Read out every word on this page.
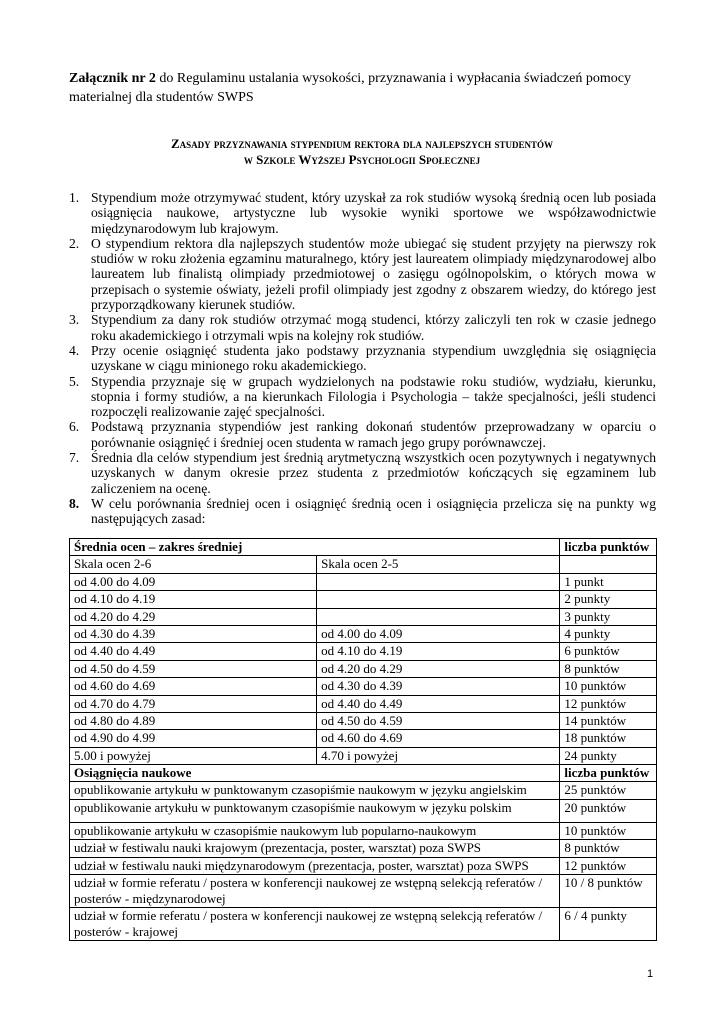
Załącznik nr 2 do Regulaminu ustalania wysokości, przyznawania i wypłacania świadczeń pomocy materialnej dla studentów SWPS
Zasady przyznawania stypendium rektora dla najlepszych studentów
w Szkole Wyższej Psychologii Społecznej
1. Stypendium może otrzymywać student, który uzyskał za rok studiów wysoką średnią ocen lub posiada osiągnięcia naukowe, artystyczne lub wysokie wyniki sportowe we współzawodnictwie międzynarodowym lub krajowym.
2. O stypendium rektora dla najlepszych studentów może ubiegać się student przyjęty na pierwszy rok studiów w roku złożenia egzaminu maturalnego, który jest laureatem olimpiady międzynarodowej albo laureatem lub finalistą olimpiady przedmiotowej o zasięgu ogólnopolskim, o których mowa w przepisach o systemie oświaty, jeżeli profil olimpiady jest zgodny z obszarem wiedzy, do którego jest przyporządkowany kierunek studiów.
3. Stypendium za dany rok studiów otrzymać mogą studenci, którzy zaliczyli ten rok w czasie jednego roku akademickiego i otrzymali wpis na kolejny rok studiów.
4. Przy ocenie osiągnięć studenta jako podstawy przyznania stypendium uwzględnia się osiągnięcia uzyskane w ciągu minionego roku akademickiego.
5. Stypendia przyznaje się w grupach wydzielonych na podstawie roku studiów, wydziału, kierunku, stopnia i formy studiów, a na kierunkach Filologia i Psychologia – także specjalności, jeśli studenci rozpoczęli realizowanie zajęć specjalności.
6. Podstawą przyznania stypendiów jest ranking dokonań studentów przeprowadzany w oparciu o porównanie osiągnięć i średniej ocen studenta w ramach jego grupy porównawczej.
7. Średnia dla celów stypendium jest średnią arytmetyczną wszystkich ocen pozytywnych i negatywnych uzyskanych w danym okresie przez studenta z przedmiotów kończących się egzaminem lub zaliczeniem na ocenę.
8. W celu porównania średniej ocen i osiągnięć średnią ocen i osiągnięcia przelicza się na punkty wg następujących zasad:
Średnia ocen – zakres średniej		liczba punktów
Skala ocen 2-6	Skala ocen 2-5	
od 4.00 do 4.09		1 punkt
od 4.10 do 4.19		2 punkty
od 4.20 do 4.29		3 punkty
od 4.30 do 4.39	od 4.00 do 4.09	4 punkty
od 4.40 do 4.49	od 4.10 do 4.19	6 punktów
od 4.50 do 4.59	od 4.20 do 4.29	8 punktów
od 4.60 do 4.69	od 4.30 do 4.39	10 punktów
od 4.70 do 4.79	od 4.40 do 4.49	12 punktów
od 4.80 do 4.89	od 4.50 do 4.59	14 punktów
od 4.90 do 4.99	od 4.60 do 4.69	18 punktów
5.00 i powyżej	4.70 i powyżej	24 punkty
Osiągnięcia naukowe		liczba punktów
opublikowanie artykułu w punktowanym czasopiśmie naukowym w języku angielskim		25 punktów
opublikowanie artykułu w punktowanym czasopiśmie naukowym w języku polskim		20 punktów
opublikowanie artykułu w czasopiśmie naukowym lub popularno-naukowym		10 punktów
udział w festiwalu nauki krajowym (prezentacja, poster, warsztat) poza SWPS		8 punktów
udział w festiwalu nauki międzynarodowym (prezentacja, poster, warsztat) poza SWPS		12 punktów
udział w formie referatu / postera w konferencji naukowej ze wstępną selekcją referatów / posterów - międzynarodowej		10 / 8 punktów
udział w formie referatu / postera w konferencji naukowej ze wstępną selekcją referatów / posterów - krajowej		6 / 4 punkty
1
